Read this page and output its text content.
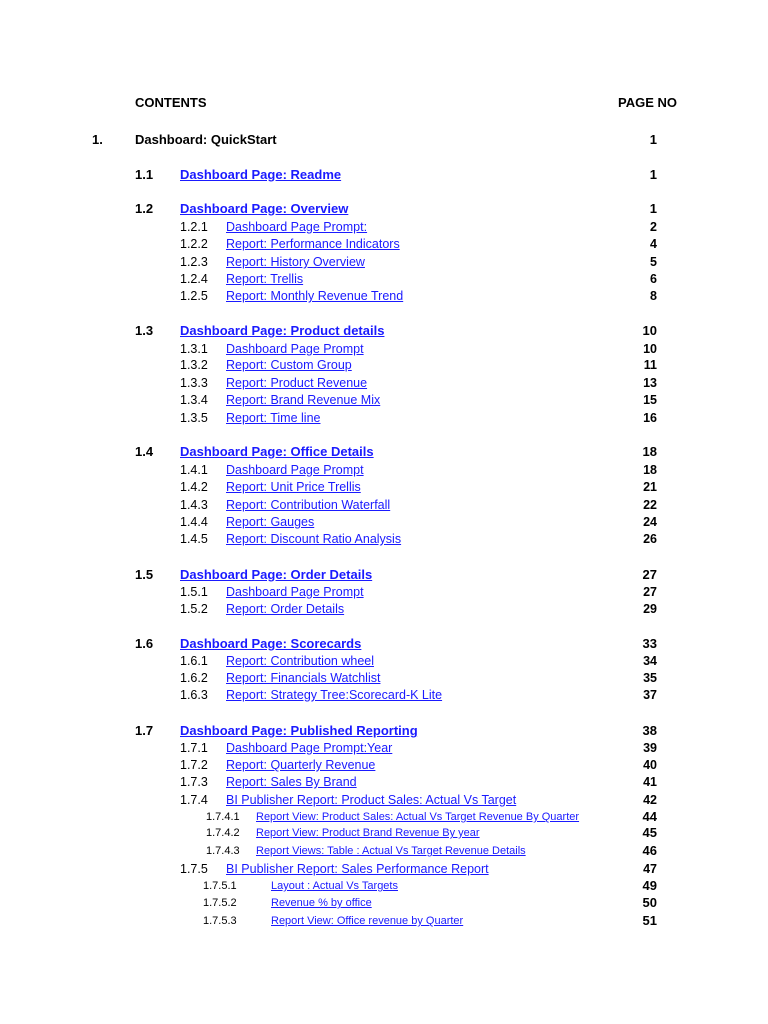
CONTENTS	PAGE NO
1. Dashboard: QuickStart	1
1.1 Dashboard Page: Readme	1
1.2 Dashboard Page: Overview	1
1.2.1 Dashboard Page Prompt:	2
1.2.2 Report: Performance Indicators	4
1.2.3 Report: History Overview	5
1.2.4 Report: Trellis	6
1.2.5 Report: Monthly Revenue Trend	8
1.3 Dashboard Page: Product details	10
1.3.1 Dashboard Page Prompt	10
1.3.2 Report: Custom Group	11
1.3.3 Report: Product Revenue	13
1.3.4 Report: Brand Revenue Mix	15
1.3.5 Report: Time line	16
1.4 Dashboard Page: Office Details	18
1.4.1 Dashboard Page Prompt	18
1.4.2 Report: Unit Price Trellis	21
1.4.3 Report: Contribution Waterfall	22
1.4.4 Report: Gauges	24
1.4.5 Report: Discount Ratio Analysis	26
1.5 Dashboard Page: Order Details	27
1.5.1 Dashboard Page Prompt	27
1.5.2 Report: Order Details	29
1.6 Dashboard Page: Scorecards	33
1.6.1 Report: Contribution wheel	34
1.6.2 Report: Financials Watchlist	35
1.6.3 Report: Strategy Tree:Scorecard-K Lite	37
1.7 Dashboard Page: Published Reporting	38
1.7.1 Dashboard Page Prompt:Year	39
1.7.2 Report: Quarterly Revenue	40
1.7.3 Report: Sales By Brand	41
1.7.4 BI Publisher Report: Product Sales: Actual Vs Target	42
1.7.4.1 Report View: Product Sales: Actual Vs Target Revenue By Quarter	44
1.7.4.2 Report View: Product Brand Revenue By year	45
1.7.4.3 Report Views: Table : Actual Vs Target Revenue Details	46
1.7.5 BI Publisher Report: Sales Performance Report	47
1.7.5.1	Layout : Actual Vs Targets	49
1.7.5.2	Revenue % by office	50
1.7.5.3	Report View: Office revenue by Quarter	51
